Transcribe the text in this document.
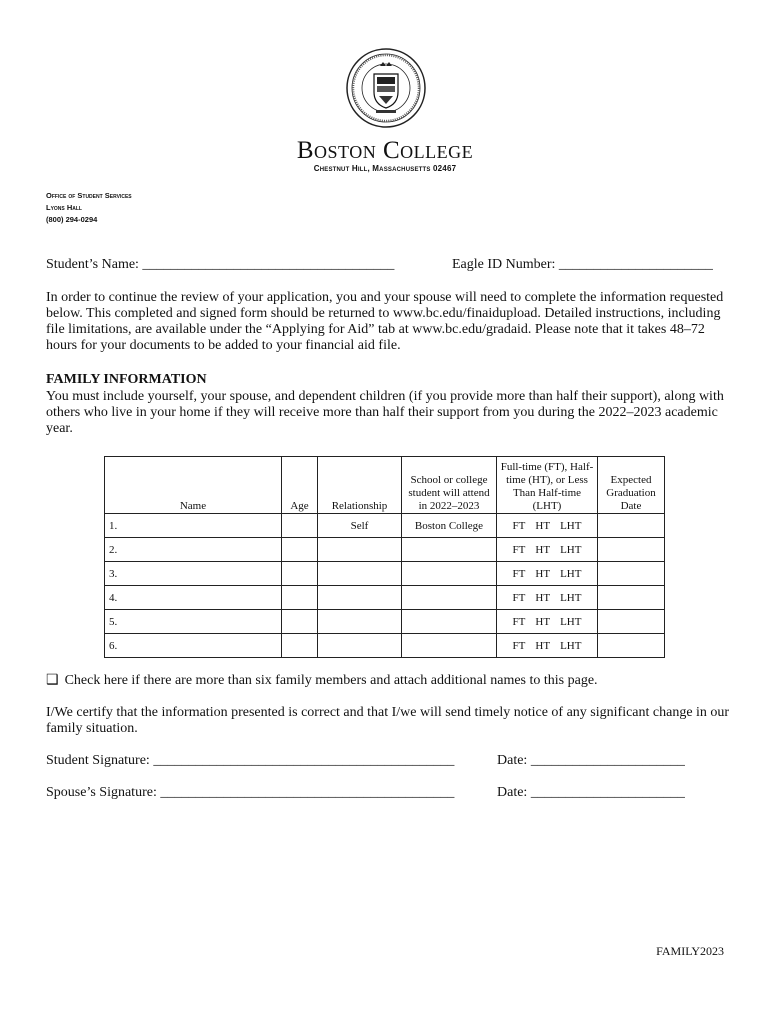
Boston College
Chestnut Hill, Massachusetts 02467
Office of Student Services
Lyons Hall
(800) 294-0294
Student’s Name: ____________________________________	Eagle ID Number: ______________________
In order to continue the review of your application, you and your spouse will need to complete the information requested below. This completed and signed form should be returned to www.bc.edu/finaidupload. Detailed instructions, including file limitations, are available under the “Applying for Aid” tab at www.bc.edu/gradaid. Please note that it takes 48–72 hours for your documents to be added to your financial aid file.
FAMILY INFORMATION
You must include yourself, your spouse, and dependent children (if you provide more than half their support), along with others who live in your home if they will receive more than half their support from you during the 2022–2023 academic year.
Name	Age	Relationship	School or college student will attend in 2022–2023	Full-time (FT), Half-time (HT), or Less Than Half-time (LHT)	Expected Graduation Date
1.		Self	Boston College	FT HT LHT	
2.				FT HT LHT	
3.				FT HT LHT	
4.				FT HT LHT	
5.				FT HT LHT	
6.				FT HT LHT	
❑ Check here if there are more than six family members and attach additional names to this page.
I/We certify that the information presented is correct and that I/we will send timely notice of any significant change in our family situation.
Student Signature: ___________________________________________	Date: ______________________
Spouse’s Signature: __________________________________________	Date: ______________________
FAMILY2023
